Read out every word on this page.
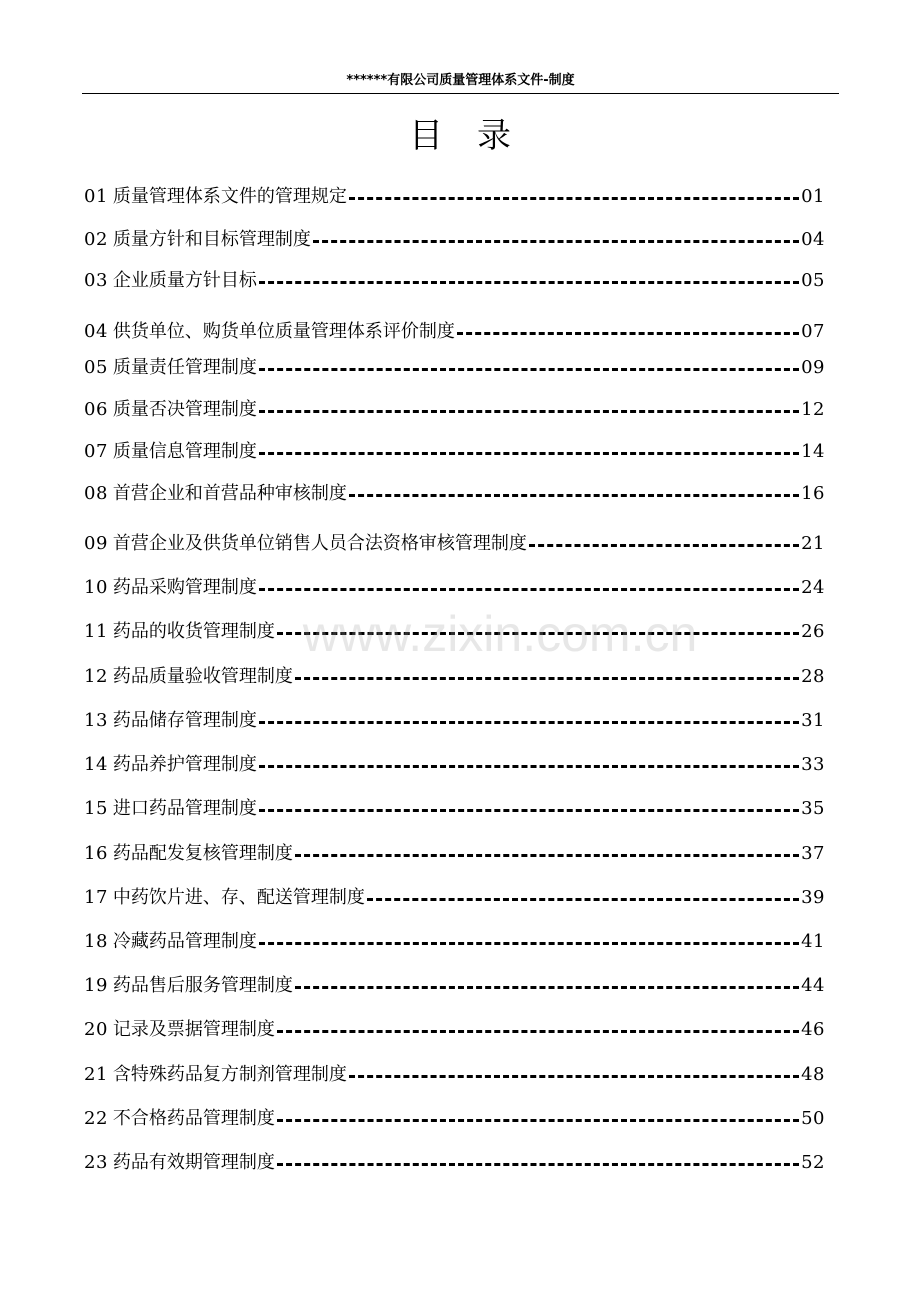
******有限公司质量管理体系文件-制度
目录
01 质量管理体系文件的管理规定	01
02 质量方针和目标管理制度	04
03 企业质量方针目标	05
04 供货单位、购货单位质量管理体系评价制度	07
05 质量责任管理制度	09
06 质量否决管理制度	12
07 质量信息管理制度	14
08 首营企业和首营品种审核制度	16
09 首营企业及供货单位销售人员合法资格审核管理制度	21
10 药品采购管理制度	24
11 药品的收货管理制度	26
12 药品质量验收管理制度	28
13 药品储存管理制度	31
14 药品养护管理制度	33
15 进口药品管理制度	35
16 药品配发复核管理制度	37
17 中药饮片进、存、配送管理制度	39
18 冷藏药品管理制度	41
19 药品售后服务管理制度	44
20 记录及票据管理制度	46
21 含特殊药品复方制剂管理制度	48
22 不合格药品管理制度	50
23 药品有效期管理制度	52
www.zixin.com.cn
